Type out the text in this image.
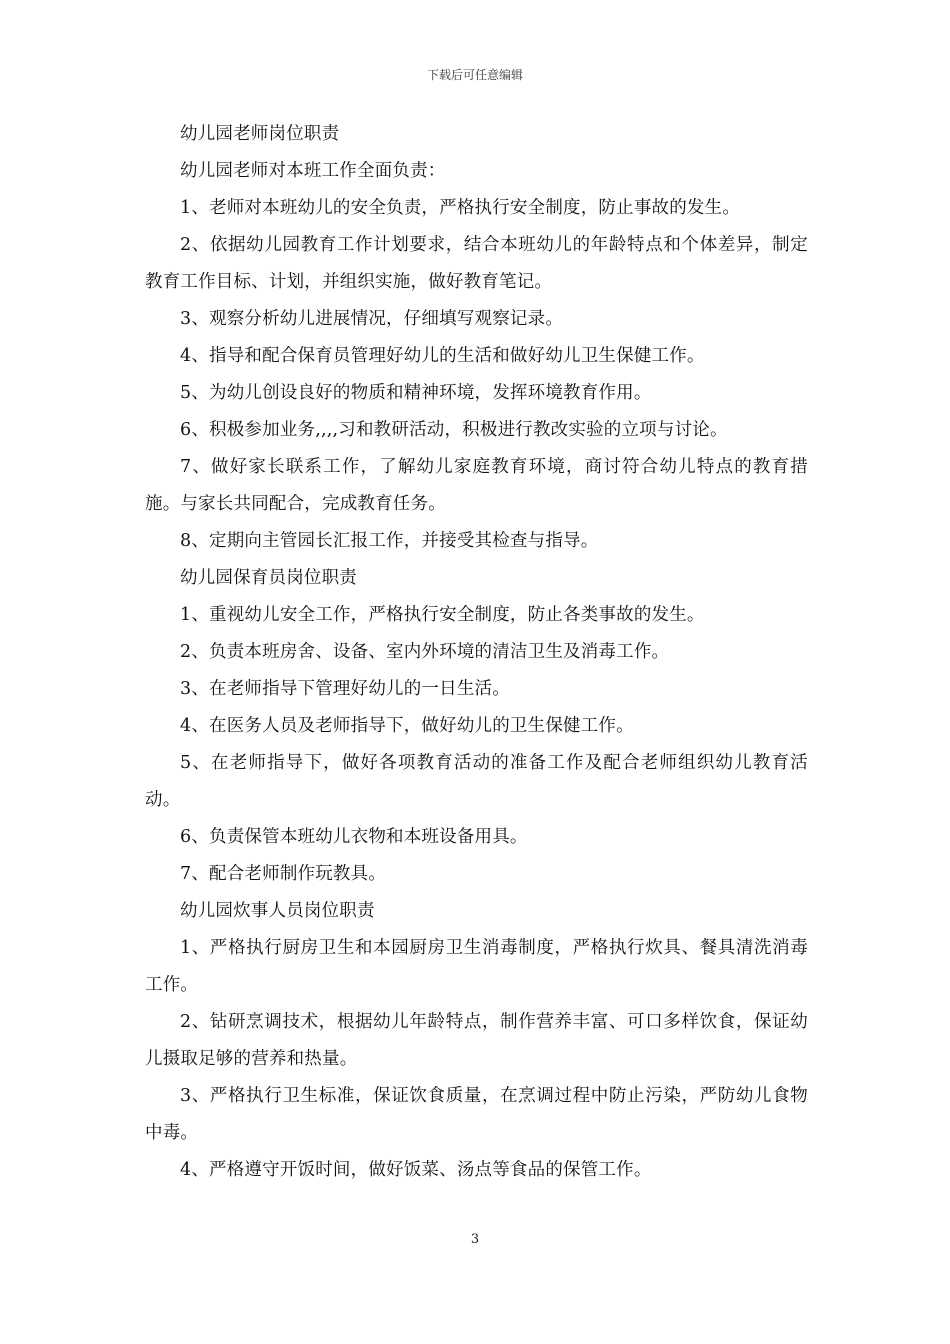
下载后可任意编辑

幼儿园老师岗位职责

幼儿园老师对本班工作全面负责：

1、老师对本班幼儿的安全负责，严格执行安全制度，防止事故的发生。

2、依据幼儿园教育工作计划要求，结合本班幼儿的年龄特点和个体差异，制定教育工作目标、计划，并组织实施，做好教育笔记。

3、观察分析幼儿进展情况，仔细填写观察记录。

4、指导和配合保育员管理好幼儿的生活和做好幼儿卫生保健工作。

5、为幼儿创设良好的物质和精神环境，发挥环境教育作用。

6、积极参加业务,,,,习和教研活动，积极进行教改实验的立项与讨论。

7、做好家长联系工作，了解幼儿家庭教育环境，商讨符合幼儿特点的教育措施。与家长共同配合，完成教育任务。

8、定期向主管园长汇报工作，并接受其检查与指导。

幼儿园保育员岗位职责

1、重视幼儿安全工作，严格执行安全制度，防止各类事故的发生。

2、负责本班房舍、设备、室内外环境的清洁卫生及消毒工作。

3、在老师指导下管理好幼儿的一日生活。

4、在医务人员及老师指导下，做好幼儿的卫生保健工作。

5、在老师指导下，做好各项教育活动的准备工作及配合老师组织幼儿教育活动。

6、负责保管本班幼儿衣物和本班设备用具。

7、配合老师制作玩教具。

幼儿园炊事人员岗位职责

1、严格执行厨房卫生和本园厨房卫生消毒制度，严格执行炊具、餐具清洗消毒工作。

2、钻研烹调技术，根据幼儿年龄特点，制作营养丰富、可口多样饮食，保证幼儿摄取足够的营养和热量。

3、严格执行卫生标准，保证饮食质量，在烹调过程中防止污染，严防幼儿食物中毒。

4、严格遵守开饭时间，做好饭菜、汤点等食品的保管工作。

3
